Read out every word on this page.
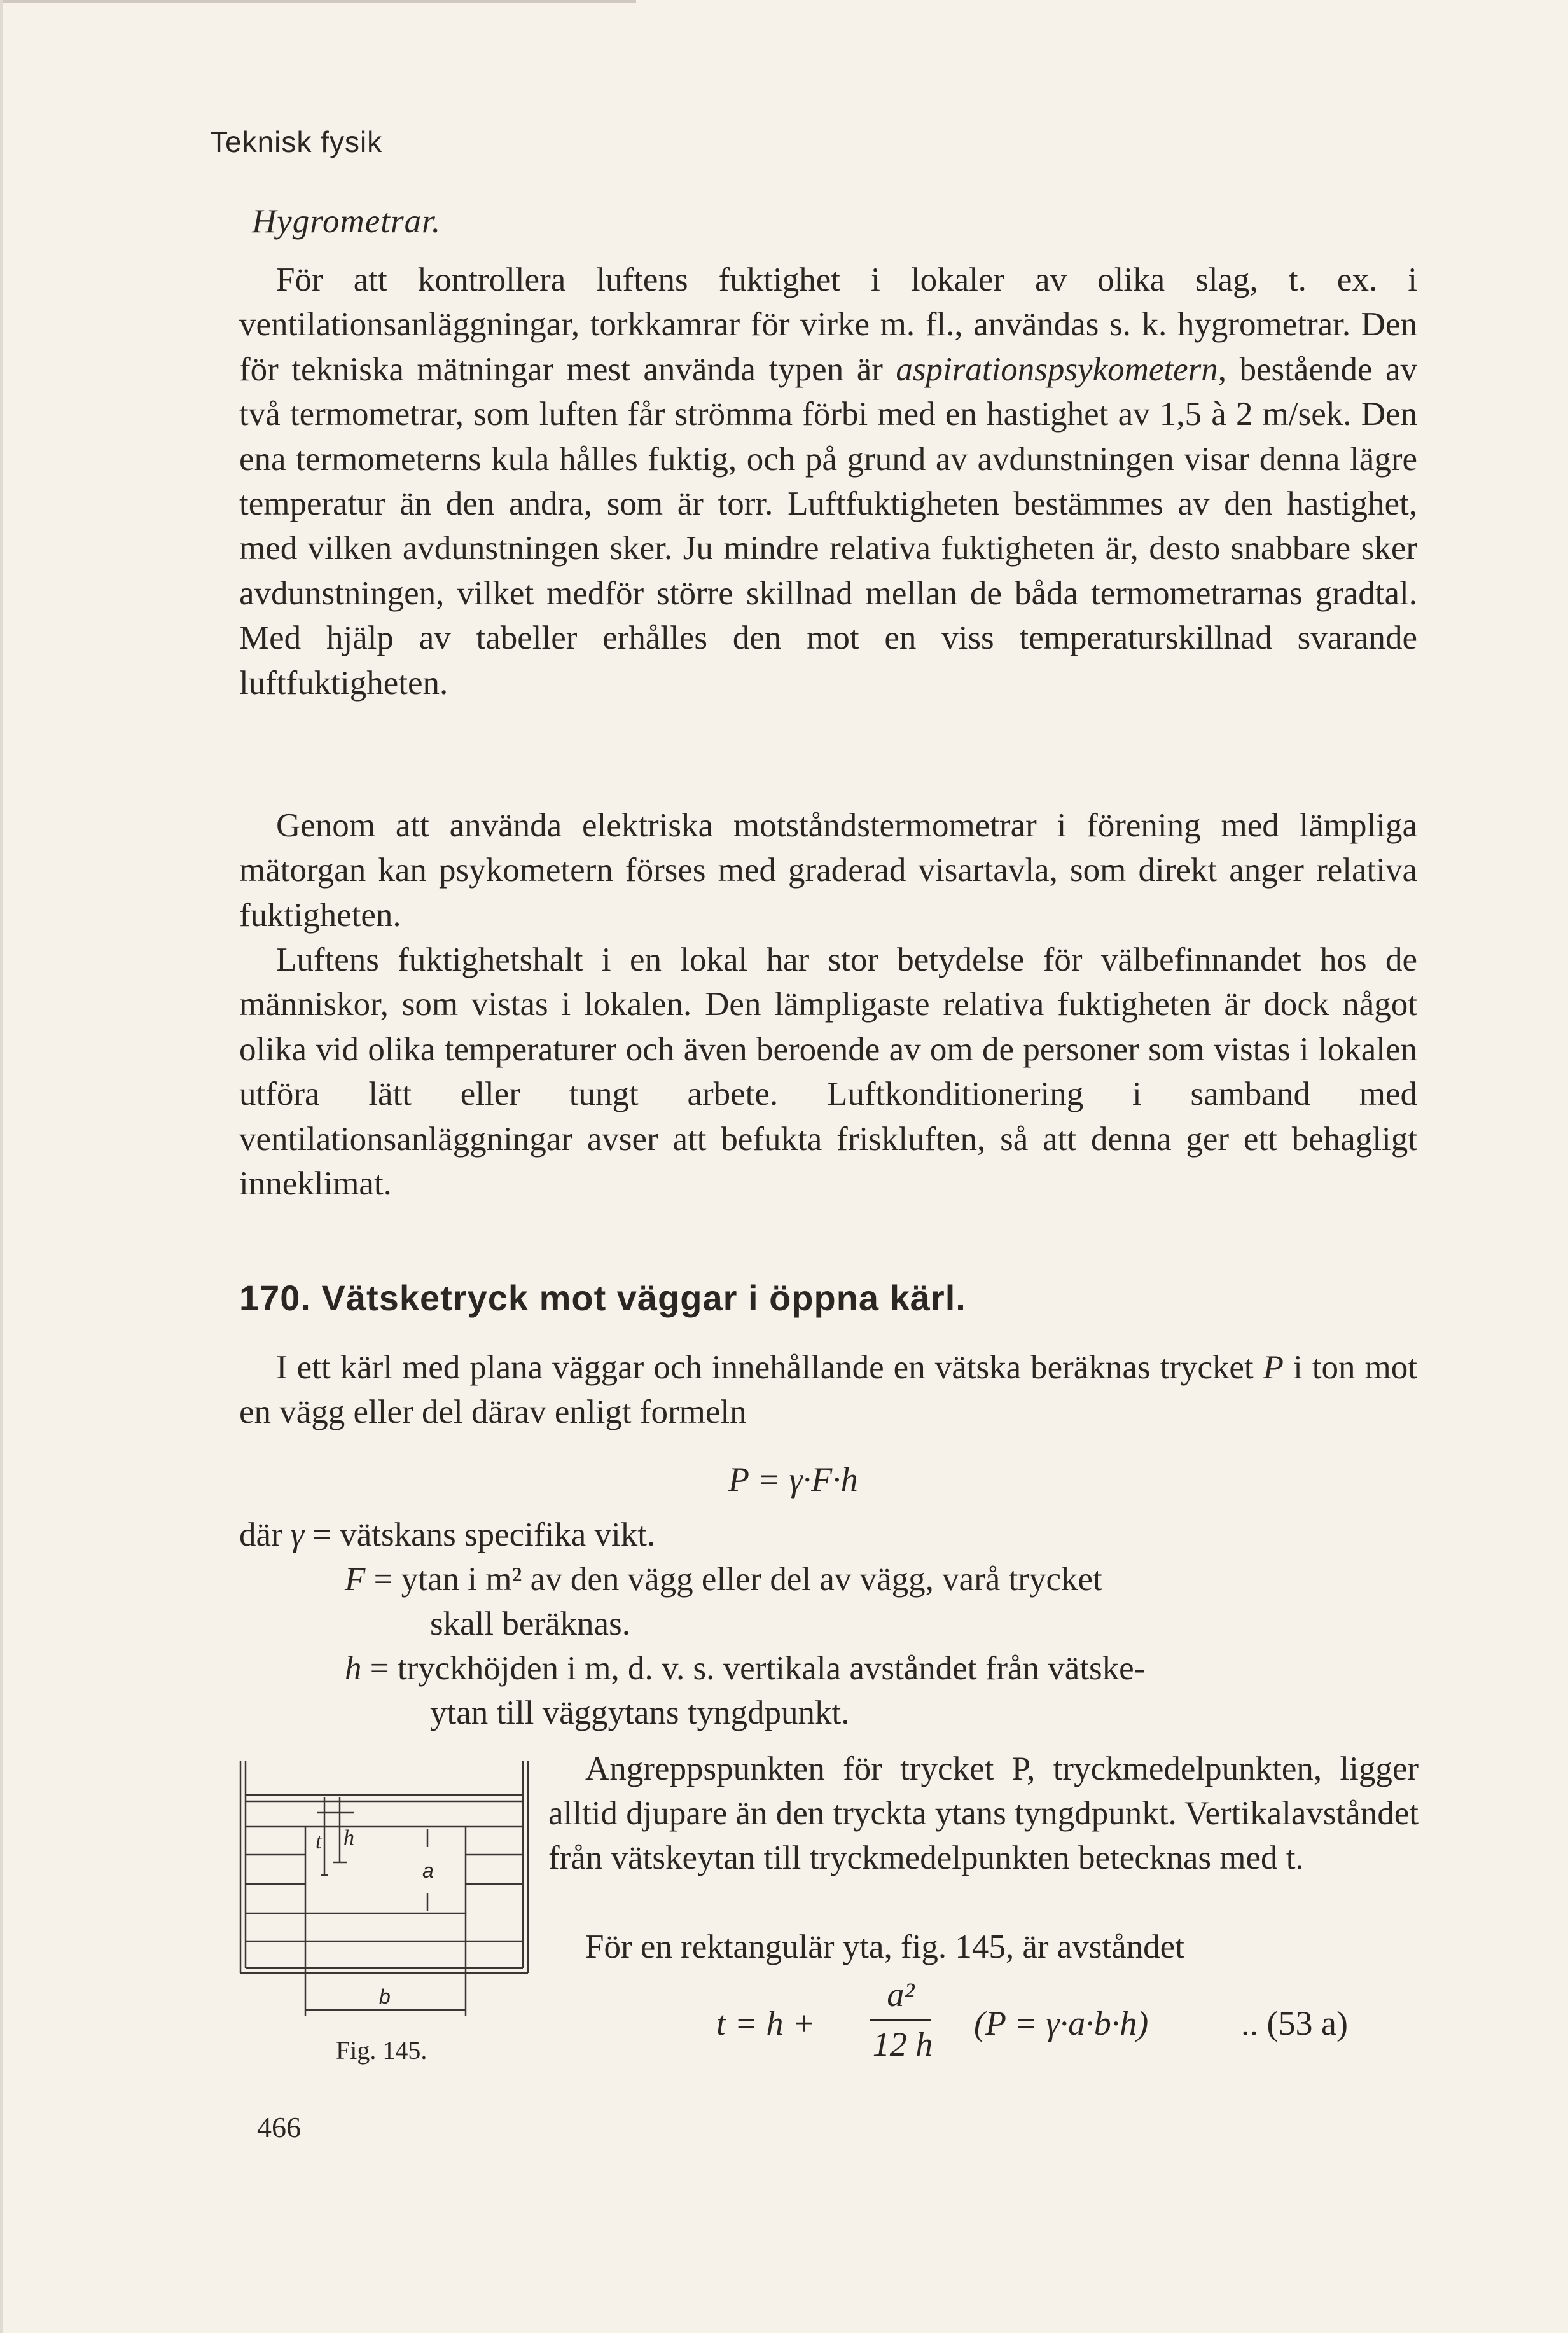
Teknisk fysik
Hygrometrar.

För att kontrollera luftens fuktighet i lokaler av olika slag, t. ex. i ventilationsanläggningar, torkkamrar för virke m. fl., användas s. k. hygrometrar. Den för tekniska mätningar mest använda typen är aspirationspsykometern, bestående av två termometrar, som luften får strömma förbi med en hastighet av 1,5 à 2 m/sek. Den ena termometerns kula hålles fuktig, och på grund av avdunstningen visar denna lägre temperatur än den andra, som är torr. Luftfuktigheten bestämmes av den hastighet, med vilken avdunstningen sker. Ju mindre relativa fuktigheten är, desto snabbare sker avdunstningen, vilket medför större skillnad mellan de båda termometrarnas gradtal. Med hjälp av tabeller erhålles den mot en viss temperaturskillnad svarande luftfuktigheten.

Genom att använda elektriska motståndstermometrar i förening med lämpliga mätorgan kan psykometern förses med graderad visartavla, som direkt anger relativa fuktigheten.

Luftens fuktighetshalt i en lokal har stor betydelse för välbefinnandet hos de människor, som vistas i lokalen. Den lämpligaste relativa fuktigheten är dock något olika vid olika temperaturer och även beroende av om de personer som vistas i lokalen utföra lätt eller tungt arbete. Luftkonditionering i samband med ventilationsanläggningar avser att befukta friskluften, så att denna ger ett behagligt inneklimat.

170. Vätsketryck mot väggar i öppna kärl.

I ett kärl med plana väggar och innehållande en vätska beräknas trycket P i ton mot en vägg eller del därav enligt formeln

P = γ·F·h
där γ = vätskans specifika vikt.
F = ytan i m² av den vägg eller del av vägg, varå trycket
skall beräknas.
h = tryckhöjden i m, d. v. s. vertikala avståndet från vätske-
ytan till väggytans tyngdpunkt.
t h
a
b

Angreppspunkten för trycket P, tryckmedelpunkten, ligger alltid djupare än den tryckta ytans tyngdpunkt. Vertikalavståndet från vätskeytan till tryckmedelpunkten betecknas med t.

För en rektangulär yta, fig. 145, är avståndet

t = h +
a²
12 h
(P = γ·a·b·h)	.. (53 a)
Fig. 145.
466
